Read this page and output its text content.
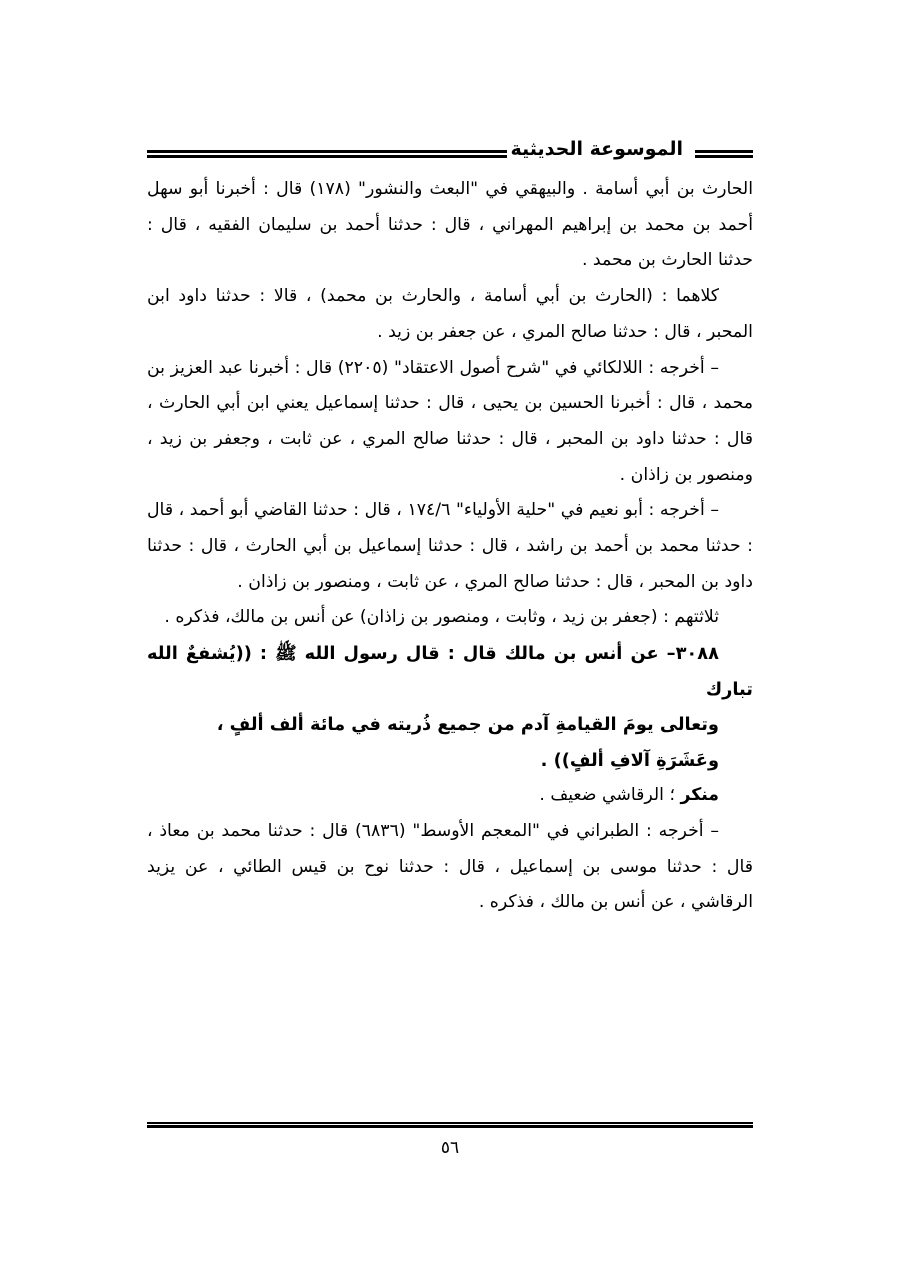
الموسوعة الحديثية

الحارث بن أبي أسامة . والبيهقي في "البعث والنشور" (١٧٨) قال : أخبرنا أبو سهل أحمد بن محمد بن إبراهيم المهراني ، قال : حدثنا أحمد بن سليمان الفقيه ، قال : حدثنا الحارث بن محمد .

كلاهما : (الحارث بن أبي أسامة ، والحارث بن محمد) ، قالا : حدثنا داود ابن المحبر ، قال : حدثنا صالح المري ، عن جعفر بن زيد .

– أخرجه : اللالكائي في "شرح أصول الاعتقاد" (٢٢٠٥) قال : أخبرنا عبد العزيز بن محمد ، قال : أخبرنا الحسين بن يحيى ، قال : حدثنا إسماعيل يعني ابن أبي الحارث ، قال : حدثنا داود بن المحبر ، قال : حدثنا صالح المري ، عن ثابت ، وجعفر بن زيد ، ومنصور بن زاذان .

– أخرجه : أبو نعيم في "حلية الأولياء" ١٧٤/٦ ، قال : حدثنا القاضي أبو أحمد ، قال : حدثنا محمد بن أحمد بن راشد ، قال : حدثنا إسماعيل بن أبي الحارث ، قال : حدثنا داود بن المحبر ، قال : حدثنا صالح المري ، عن ثابت ، ومنصور بن زاذان .

ثلاثتهم : (جعفر بن زيد ، وثابت ، ومنصور بن زاذان) عن أنس بن مالك، فذكره .

٣٠٨٨– عن أنس بن مالك قال : قال رسول الله ﷺ : ((يُشفعٌ الله تبارك

وتعالى يومَ القيامةِ آدم من جميع ذُريته في مائة ألف ألفٍ ،

وعَشَرَةِ آلافِ ألفٍ)) .

منكر ؛ الرقاشي ضعيف .

– أخرجه : الطبراني في "المعجم الأوسط" (٦٨٣٦) قال : حدثنا محمد بن معاذ ، قال : حدثنا موسى بن إسماعيل ، قال : حدثنا نوح بن قيس الطائي ، عن يزيد الرقاشي ، عن أنس بن مالك ، فذكره .

٥٦
